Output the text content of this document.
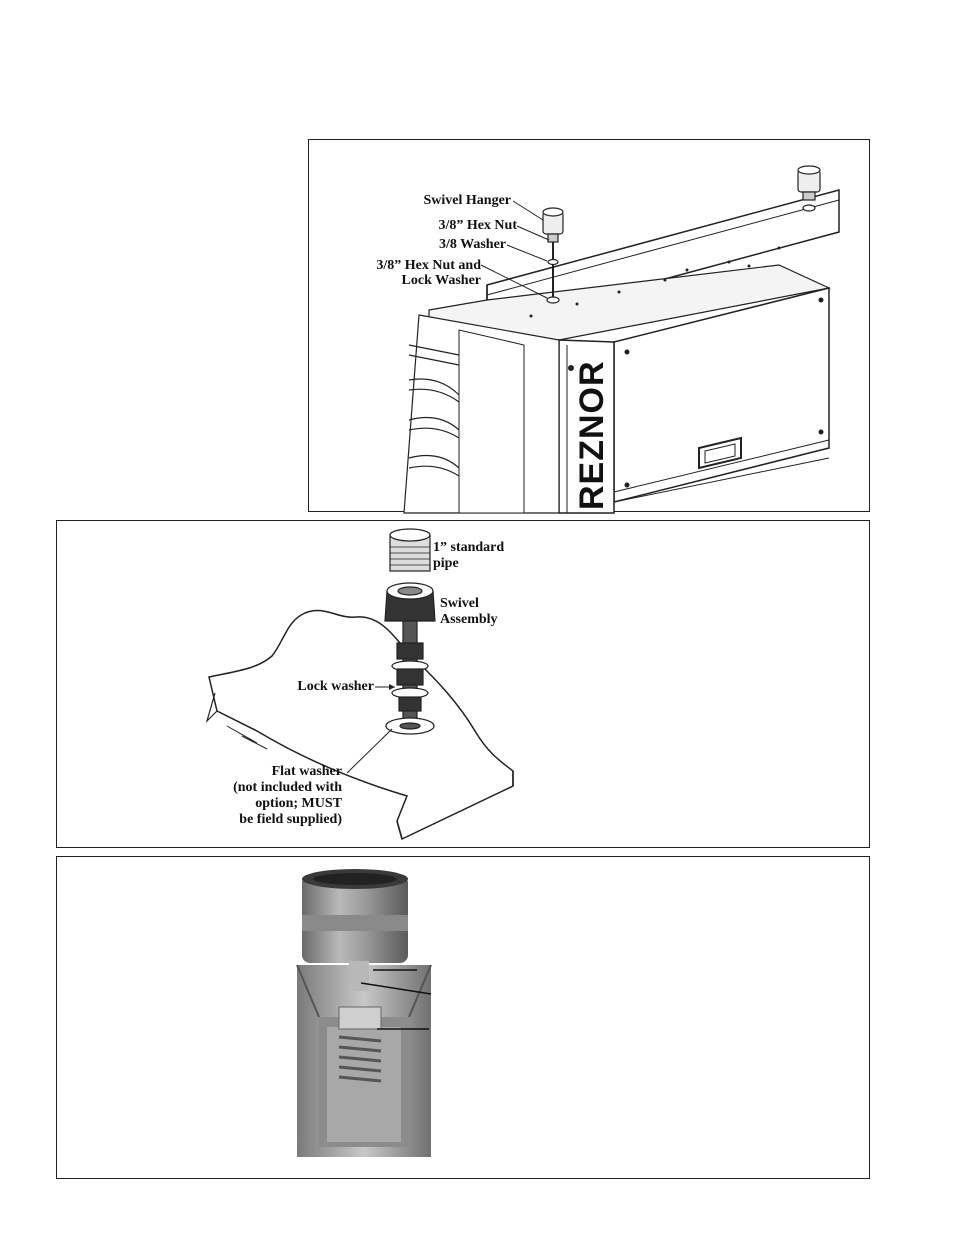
Swivel Hanger
3/8” Hex Nut
3/8 Washer
3/8” Hex Nut and
Lock Washer
REZNOR
1” standard
pipe
Swivel
Assembly
Lock washer
Flat washer
(not included with
option; MUST
be field supplied)
